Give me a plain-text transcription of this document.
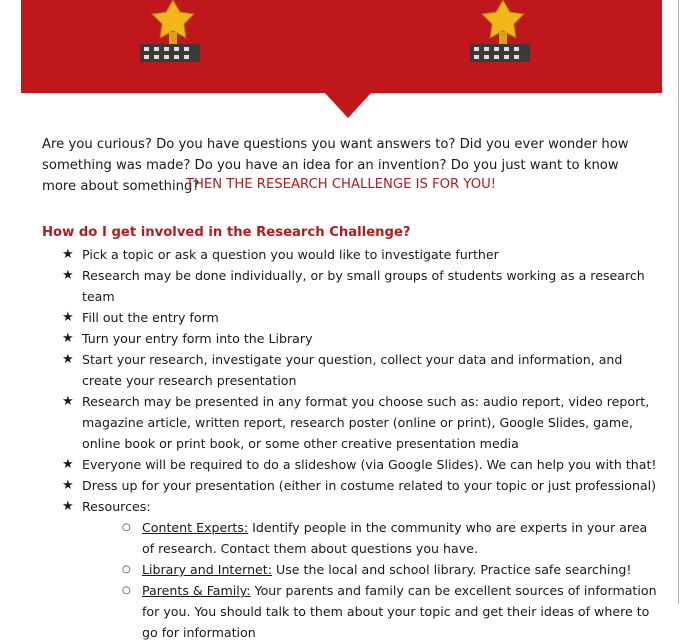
Are you curious? Do you have questions you want answers to? Did you ever wonder how something was made? Do you have an idea for an invention? Do you just want to know more about something?
THEN THE RESEARCH CHALLENGE IS FOR YOU!
How do I get involved in the Research Challenge?
★ Pick a topic or ask a question you would like to investigate further
★ Research may be done individually, or by small groups of students working as a research team
★ Fill out the entry form
★ Turn your entry form into the Library
★ Start your research, investigate your question, collect your data and information, and create your research presentation
★ Research may be presented in any format you choose such as: audio report, video report, magazine article, written report, research poster (online or print), Google Slides, game, online book or print book, or some other creative presentation media
★ Everyone will be required to do a slideshow (via Google Slides). We can help you with that!
★ Dress up for your presentation (either in costume related to your topic or just professional)
★ Resources:
○ Content Experts: Identify people in the community who are experts in your area of research. Contact them about questions you have.
○ Library and Internet: Use the local and school library. Practice safe searching!
○ Parents & Family: Your parents and family can be excellent sources of information for you. You should talk to them about your topic and get their ideas of where to go for information
